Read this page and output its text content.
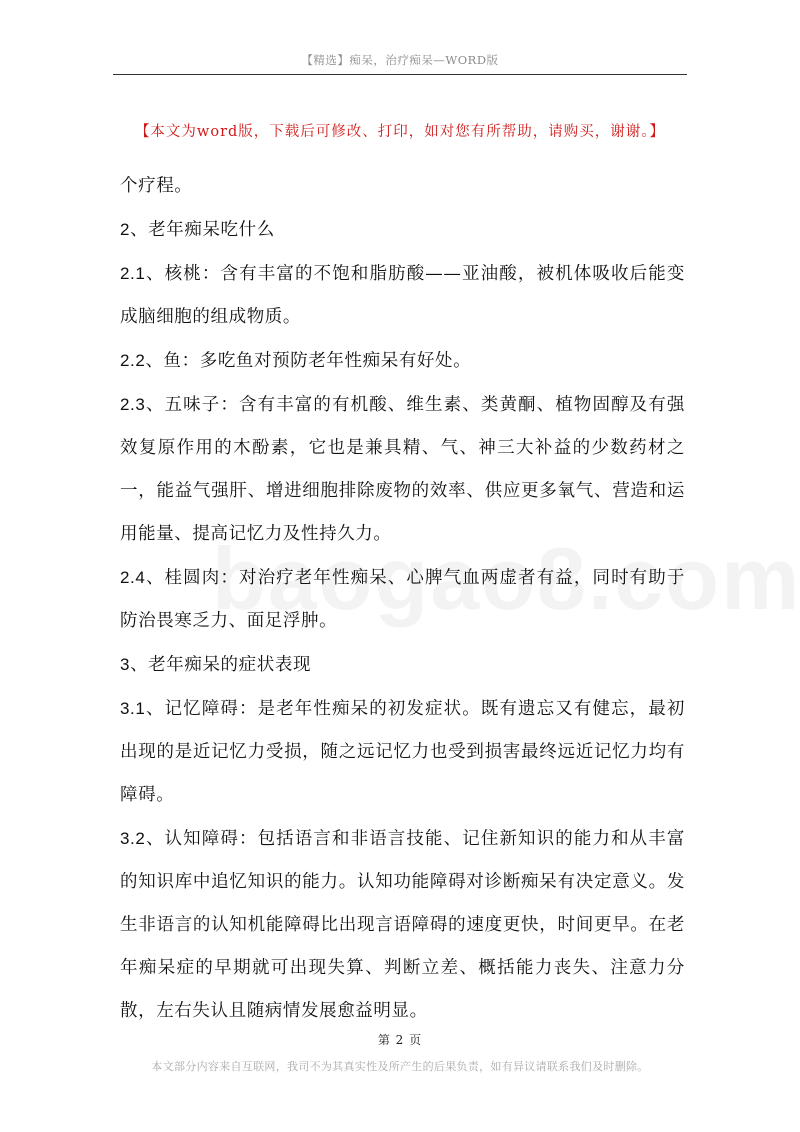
【精选】痴呆，治疗痴呆—WORD版
【本文为word版，下载后可修改、打印，如对您有所帮助，请购买，谢谢。】

个疗程。

2、老年痴呆吃什么

2.1、核桃：含有丰富的不饱和脂肪酸——亚油酸，被机体吸收后能变成脑细胞的组成物质。

2.2、鱼：多吃鱼对预防老年性痴呆有好处。

2.3、五味子：含有丰富的有机酸、维生素、类黄酮、植物固醇及有强效复原作用的木酚素，它也是兼具精、气、神三大补益的少数药材之一，能益气强肝、增进细胞排除废物的效率、供应更多氧气、营造和运用能量、提高记忆力及性持久力。

2.4、桂圆肉：对治疗老年性痴呆、心脾气血两虚者有益，同时有助于防治畏寒乏力、面足浮肿。

3、老年痴呆的症状表现

3.1、记忆障碍：是老年性痴呆的初发症状。既有遗忘又有健忘，最初出现的是近记忆力受损，随之远记忆力也受到损害最终远近记忆力均有障碍。

3.2、认知障碍：包括语言和非语言技能、记住新知识的能力和从丰富的知识库中追忆知识的能力。认知功能障碍对诊断痴呆有决定意义。发生非语言的认知机能障碍比出现言语障碍的速度更快，时间更早。在老年痴呆症的早期就可出现失算、判断立差、概括能力丧失、注意力分散，左右失认且随病情发展愈益明显。

第 2 页
本文部分内容来自互联网，我司不为其真实性及所产生的后果负责，如有异议请联系我们及时删除。
